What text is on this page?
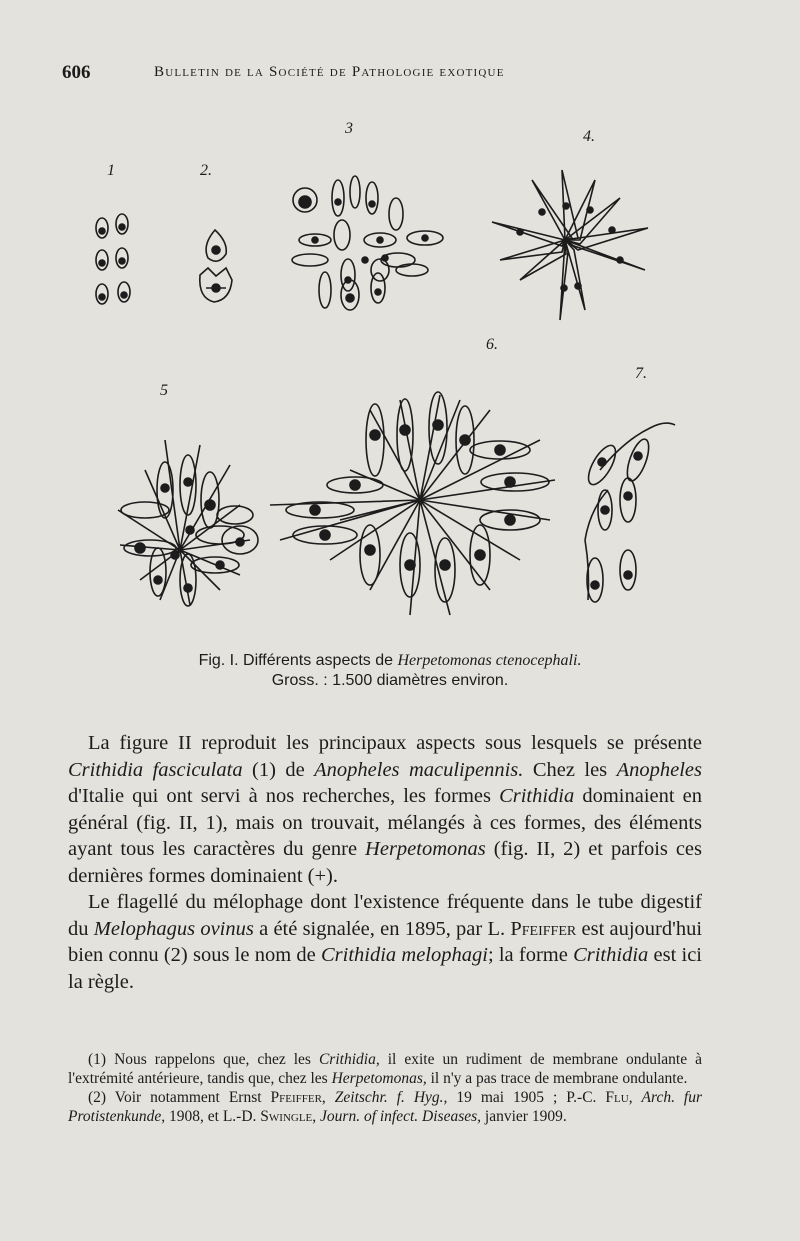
606	Bulletin de la Société de Pathologie exotique
1	2.
3	4.
5
6.
7.
Fig. I. Différents aspects de Herpetomonas ctenocephali.
Gross. : 1.500 diamètres environ.

La figure II reproduit les principaux aspects sous lesquels se présente Crithidia fasciculata (1) de Anopheles maculipennis. Chez les Anopheles d'Italie qui ont servi à nos recherches, les formes Crithidia dominaient en général (fig. II, 1), mais on trouvait, mélangés à ces formes, des éléments ayant tous les caractères du genre Herpetomonas (fig. II, 2) et parfois ces dernières formes dominaient (+).

Le flagellé du mélophage dont l'existence fréquente dans le tube digestif du Melophagus ovinus a été signalée, en 1895, par L. Pfeiffer est aujourd'hui bien connu (2) sous le nom de Crithidia melophagi; la forme Crithidia est ici la règle.

(1) Nous rappelons que, chez les Crithidia, il exite un rudiment de membrane ondulante à l'extrémité antérieure, tandis que, chez les Herpetomonas, il n'y a pas trace de membrane ondulante.

(2) Voir notamment Ernst Pfeiffer, Zeitschr. f. Hyg., 19 mai 1905 ; P.-C. Flu, Arch. fur Protistenkunde, 1908, et L.-D. Swingle, Journ. of infect. Diseases, janvier 1909.
